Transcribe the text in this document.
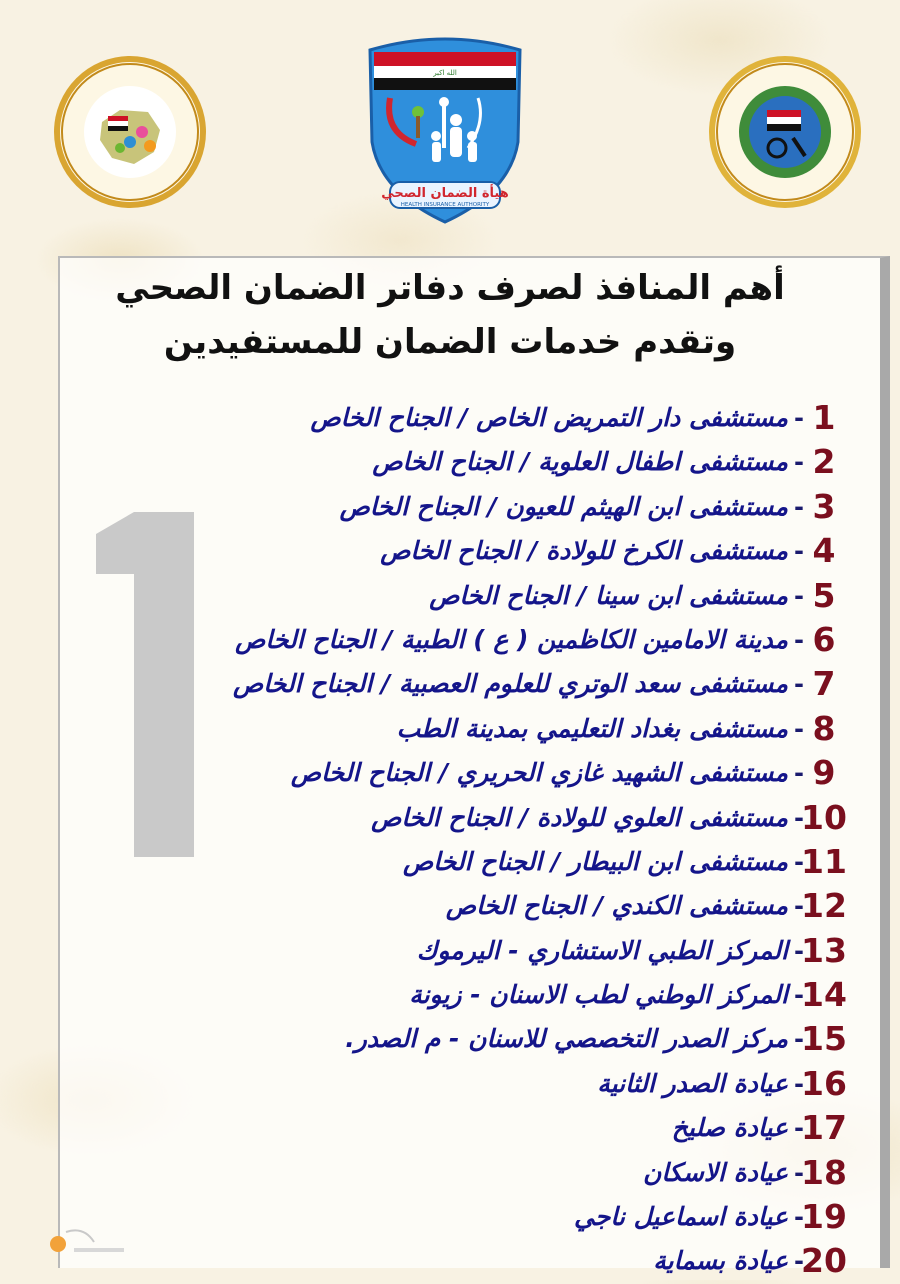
الله اكبر
هيأة الضمان الصحي
HEALTH INSURANCE AUTHORITY
أهم المنافذ لصرف دفاتر الضمان الصحي
وتقدم خدمات الضمان للمستفيدين
1
-
مستشفى دار التمريض الخاص / الجناح الخاص
2
-
مستشفى اطفال العلوية / الجناح الخاص
3
-
مستشفى ابن الهيثم للعيون / الجناح الخاص
4
-
مستشفى الكرخ للولادة / الجناح الخاص
5
-
مستشفى ابن سينا / الجناح الخاص
6
-
مدينة الامامين الكاظمين ( ع ) الطبية / الجناح الخاص
7
-
مستشفى سعد الوتري للعلوم العصبية / الجناح الخاص
8
-
مستشفى بغداد التعليمي بمدينة الطب
9
-
مستشفى الشهيد غازي الحريري / الجناح الخاص
10
-
مستشفى العلوي للولادة / الجناح الخاص
11
-
مستشفى ابن البيطار / الجناح الخاص
12
-
مستشفى الكندي / الجناح الخاص
13
-
المركز الطبي الاستشاري - اليرموك
14
-
المركز الوطني لطب الاسنان - زيونة
15
-
مركز الصدر التخصصي للاسنان - م الصدر.
16
-
عيادة الصدر الثانية
17
-
عيادة صليخ
18
-
عيادة الاسكان
19
-
عيادة اسماعيل ناجي
20
-
عيادة بسماية
